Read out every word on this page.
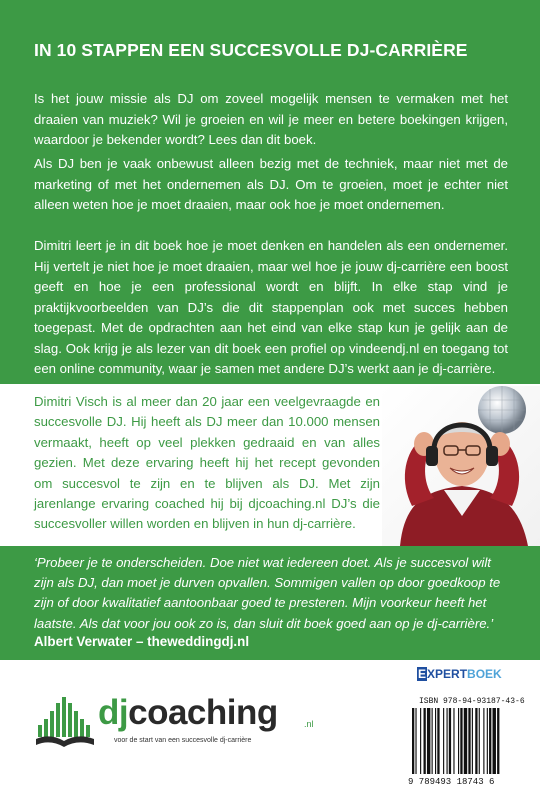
IN 10 STAPPEN EEN SUCCESVOLLE DJ-CARRIÈRE
Is het jouw missie als DJ om zoveel mogelijk mensen te vermaken met het draaien van muziek? Wil je groeien en wil je meer en betere boekingen krijgen, waardoor je bekender wordt? Lees dan dit boek.
Als DJ ben je vaak onbewust alleen bezig met de techniek, maar niet met de marketing of met het ondernemen als DJ. Om te groeien, moet je echter niet alleen weten hoe je moet draaien, maar ook hoe je moet ondernemen.
Dimitri leert je in dit boek hoe je moet denken en handelen als een ondernemer. Hij vertelt je niet hoe je moet draaien, maar wel hoe je jouw dj-carrière een boost geeft en hoe je een professional wordt en blijft. In elke stap vind je praktijkvoorbeelden van DJ’s die dit stappenplan ook met succes hebben toegepast. Met de opdrachten aan het eind van elke stap kun je gelijk aan de slag. Ook krijg je als lezer van dit boek een profiel op vindeendj.nl en toegang tot een online community, waar je samen met andere DJ’s werkt aan je dj-carrière.
Dimitri Visch is al meer dan 20 jaar een veelgevraagde en succesvolle DJ. Hij heeft als DJ meer dan 10.000 mensen vermaakt, heeft op veel plekken gedraaid en van alles gezien. Met deze ervaring heeft hij het recept gevonden om succesvol te zijn en te blijven als DJ. Met zijn jarenlange ervaring coached hij bij djcoaching.nl DJ’s die succesvoller willen worden en blijven in hun dj-carrière.
‘Probeer je te onderscheiden. Doe niet wat iedereen doet. Als je succesvol wilt zijn als DJ, dan moet je durven opvallen. Sommigen vallen op door goedkoop te zijn of door kwalitatief aantoonbaar goed te presteren. Mijn voorkeur heeft het laatste. Als dat voor jou ook zo is, dan sluit dit boek goed aan op je dj-carrière.’
Albert Verwater – theweddingdj.nl
djcoaching	.nl
voor de start van een succesvolle dj-carrière
EXPERTBOEK
ISBN 978-94-93187-43-6
9 789493 18743 6
